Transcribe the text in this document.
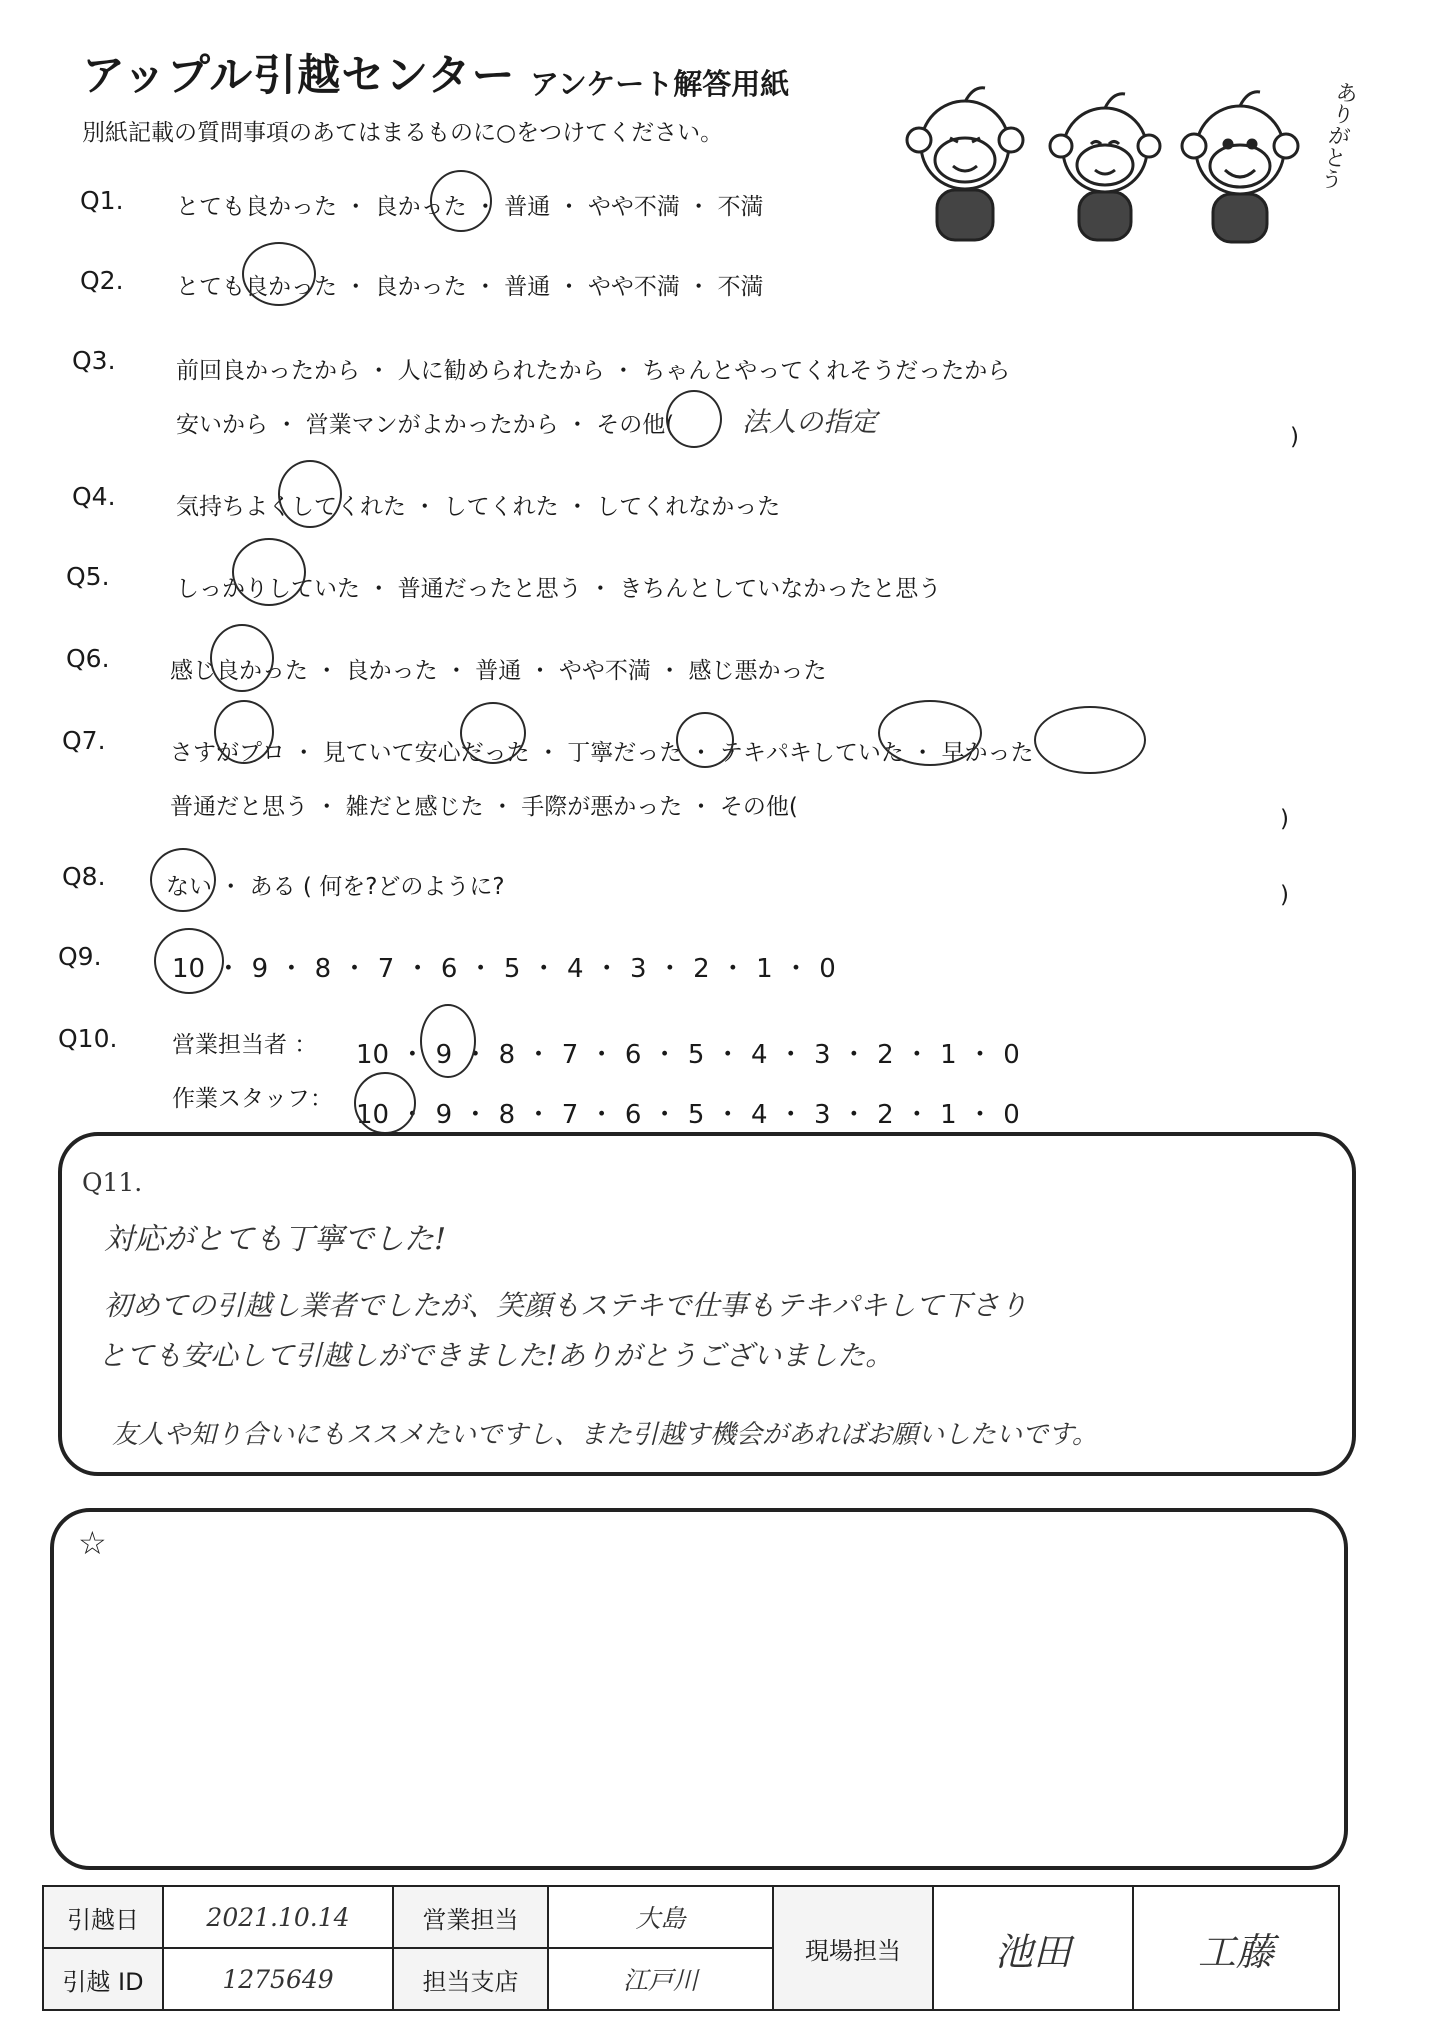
アップル引越センター アンケート解答用紙
別紙記載の質問事項のあてはまるものに○をつけてください。	ありがとう
Q1. とても良かった ・ 良かった ・ 普通 ・ やや不満 ・ 不満
Q2. とても良かった ・ 良かった ・ 普通 ・ やや不満 ・ 不満
Q3.	前回良かったから ・ 人に勧められたから ・ ちゃんとやってくれそうだったから
安いから ・ 営業マンがよかったから ・ その他(	法人の指定	)
Q4.	気持ちよくしてくれた ・ してくれた ・ してくれなかった
Q5.	しっかりしていた ・ 普通だったと思う ・ きちんとしていなかったと思う
Q6.	感じ良かった ・ 良かった ・ 普通 ・ やや不満 ・ 感じ悪かった
Q7.	さすがプロ ・ 見ていて安心だった ・ 丁寧だった ・ テキパキしていた ・ 早かった
普通だと思う ・ 雑だと感じた ・ 手際が悪かった ・ その他(	)
Q8.	ない ・ ある ( 何を?どのように?	)
Q9.	10 ・ 9 ・ 8 ・ 7 ・ 6 ・ 5 ・ 4 ・ 3 ・ 2 ・ 1 ・ 0
Q10. 営業担当者 ： 10 ・ 9 ・ 8 ・ 7 ・ 6 ・ 5 ・ 4 ・ 3 ・ 2 ・ 1 ・ 0
作業スタッフ：
10 ・ 9 ・ 8 ・ 7 ・ 6 ・ 5 ・ 4 ・ 3 ・ 2 ・ 1 ・ 0
Q11.
対応がとても丁寧でした!
初めての引越し業者でしたが、笑顔もステキで仕事もテキパキして下さり
とても安心して引越しができました!ありがとうございました。
友人や知り合いにもススメたいですし、また引越す機会があればお願いしたいです。
☆
引越日	2021.10.14	営業担当	大島	現場担当	池田	工藤
引越 ID	1275649	担当支店	江戸川			
